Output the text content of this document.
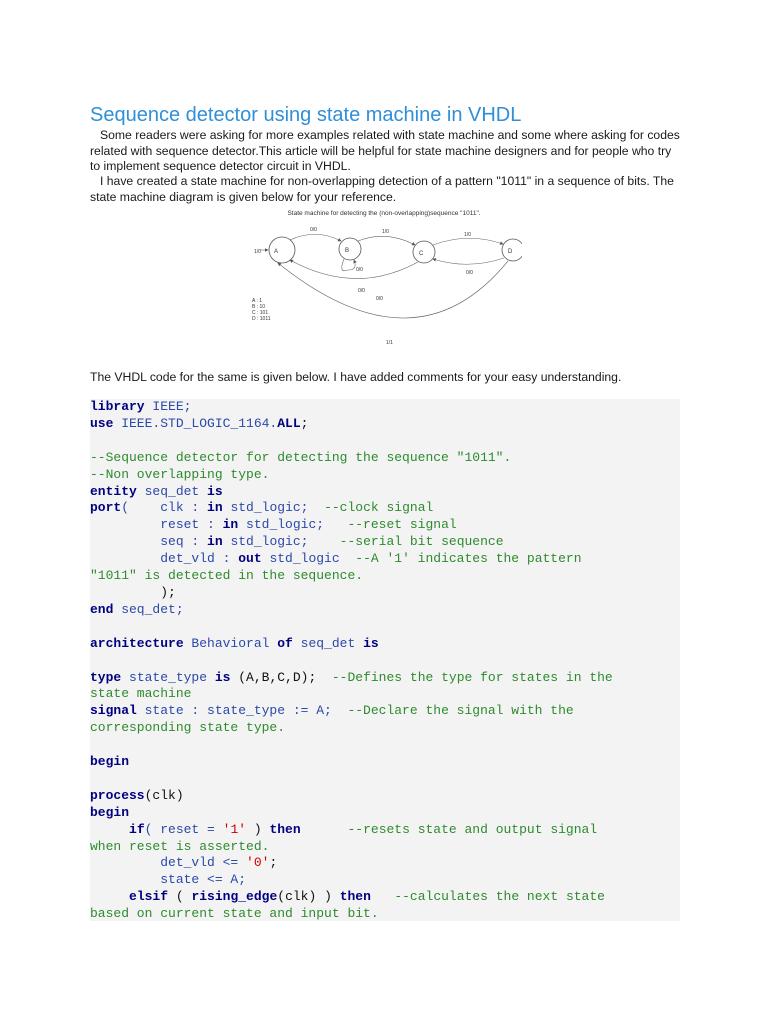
Sequence detector using state machine in VHDL

Some readers were asking for more examples related with state machine and some where asking for codes related with sequence detector.This article will be helpful for state machine designers and for people who try to implement sequence detector circuit in VHDL.

I have created a state machine for non-overlapping detection of a pattern "1011" in a sequence of bits. The state machine diagram is given below for your reference.

The VHDL code for the same is given below. I have added comments for your easy understanding.

State machine for detecting the (non-overlapping)sequence "1011".
A	B	C	D
1/0
0/0	1/0	1/0
0/0
0/0
0/0
1/1
0/0
A : 1
B : 10
C : 101
D : 1011
library IEEE;
use IEEE.STD_LOGIC_1164.ALL;

--Sequence detector for detecting the sequence "1011".
--Non overlapping type.
entity seq_det is
port(    clk : in std_logic;  --clock signal
reset : in std_logic;   --reset signal
seq : in std_logic;    --serial bit sequence
det_vld : out std_logic  --A '1' indicates the pattern
"1011" is detected in the sequence.
);
end seq_det;

architecture Behavioral of seq_det is

type state_type is (A,B,C,D);  --Defines the type for states in the
state machine
signal state : state_type := A;  --Declare the signal with the
corresponding state type.

begin

process(clk)
begin
if( reset = '1' ) then	--resets state and output signal
when reset is asserted.
det_vld <= '0';
state <= A;
elsif ( rising_edge(clk) ) then --calculates the next state
based on current state and input bit.
